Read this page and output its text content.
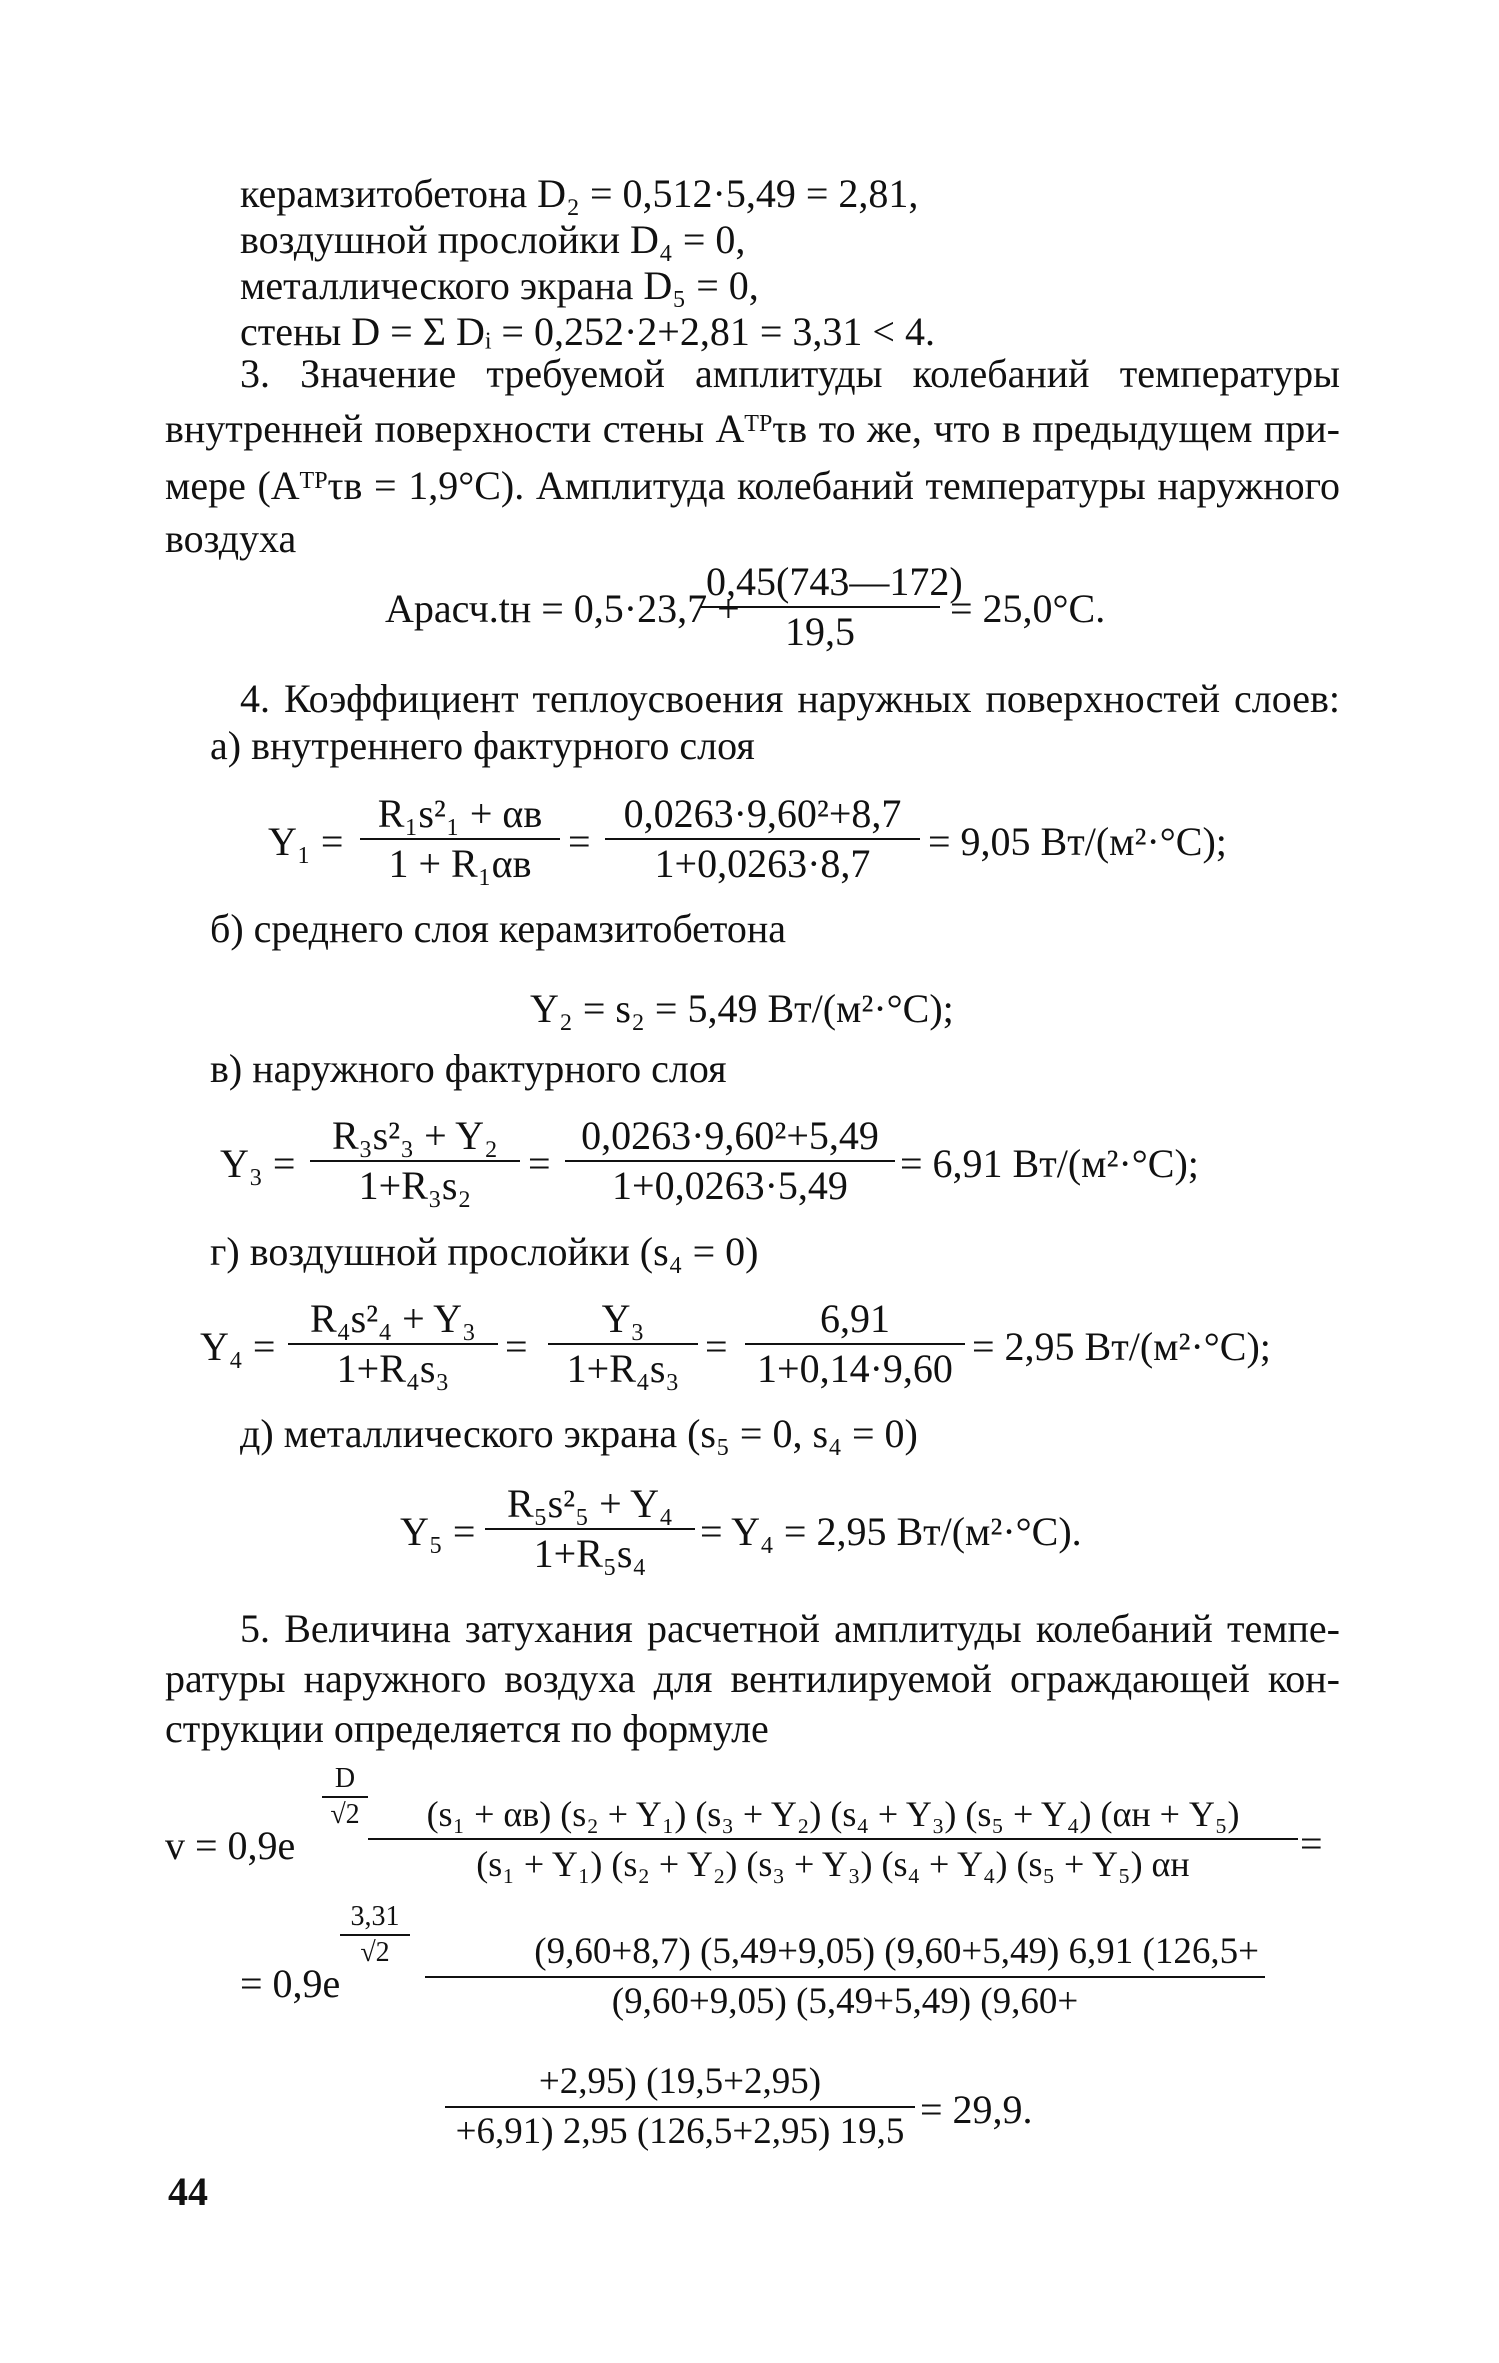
керамзитобетона D₂ = 0,512·5,49 = 2,81,
воздушной прослойки D₄ = 0,
металлического экрана D₅ = 0,
стены D = Σ Dᵢ = 0,252·2+2,81 = 3,31 < 4.
3. Значение требуемой амплитуды колебаний температуры
внутренней поверхности стены Aᵀᴾτв то же, что в предыдущем при-
мере (Aᵀᴾτв = 1,9°C). Амплитуда колебаний температуры наружного
воздуха
Aрасч.tн = 0,5·23,7 +
$\frac{0,45(743—172)}{19,5} = 25,0^\circ C$.
4. Коэффициент теплоусвоения наружных поверхностей слоев:
а) внутреннего фактурного слоя
Y₁ =
R₁s²₁ + αв
$1 + R_1\alpha в = \frac{\text{0,0263·9,60²+8,7}}{1+0,0263\cdot 8,7} = 9,05$ Вт/(м²·°C);
б) среднего слоя керамзитобетона
Y₂ = s₂ = 5,49 Вт/(м²·°C);
в) наружного фактурного слоя
$Y_3 = \frac{\text{R₃s²₃ + Y₂}}{\text{1+R₃s₂}} = \frac{\text{0,0263·9,60²+5,49}}{1+0,0263\cdot 5,49} = 6,91$ Вт/(м²·°C);
г) воздушной прослойки (s₄ = 0)
$Y_4 = \frac{\text{R₄s²₄ + Y₃}}{\text{1+R₄s₃}} = \frac{\text{Y₃}}{\text{1+R₄s₃}} = \frac{6,91}{1+0,14\cdot 9,60} = 2,95$ Вт/(м²·°C);
д) металлического экрана (s₅ = 0, s₄ = 0)
$Y_5 = \frac{\text{R₅s²₅ + Y₄}}{\text{1+R₅s₄}} = Y_4 = 2,95$ Вт/(м²·°C).
5. Величина затухания расчетной амплитуды колебаний темпе-
ратуры наружного воздуха для вентилируемой ограждающей кон-
струкции определяется по формуле
v = 0,9e
$\frac{D}{√2}$	(s₁ + αв) (s₂ + Y₁) (s₃ + Y₂) (s₄ + Y₃) (s₅ + Y₄) (αн + Y₅)
(s₁ + Y₁) (s₂ + Y₂) (s₃ + Y₃) (s₄ + Y₄) (s₅ + Y₅) αн	=
= 0,9e
$\frac{3,31}{√2} \frac{(9,60+8,7) (5,49+9,05) (9,60+5,49) 6,91 (126,5+}{(9,60+9,05) (5,49+5,49) (9,60+}$
$\frac{+2,95) (19,5+2,95)}{+6,91) 2,95 (126,5+2,95) 19,5} = 29,9$.
44
